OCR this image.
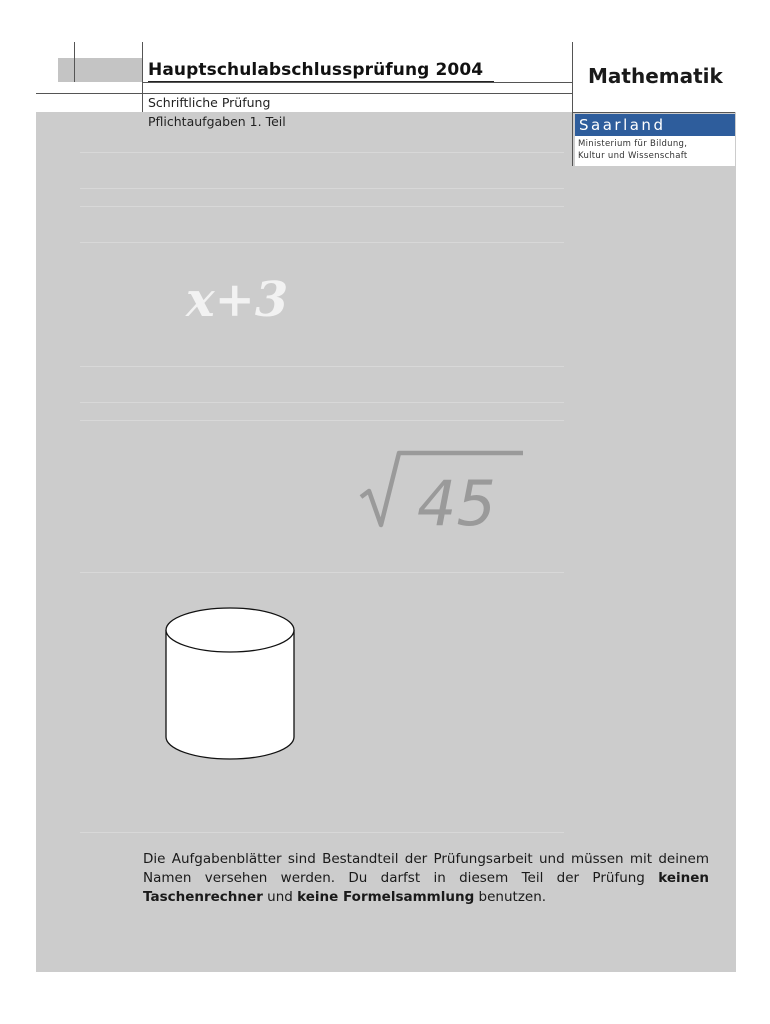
Hauptschulabschlussprüfung 2004	Mathematik
Schriftliche Prüfung
Pflichtaufgaben 1. Teil	Saarland
Ministerium für Bildung,
Kultur und Wissenschaft
x+3
45
Die Aufgabenblätter sind Bestandteil der Prüfungsarbeit und müssen mit deinem Namen versehen werden. Du darfst in diesem Teil der Prüfung keinen Taschenrechner und keine Formelsammlung benutzen.
